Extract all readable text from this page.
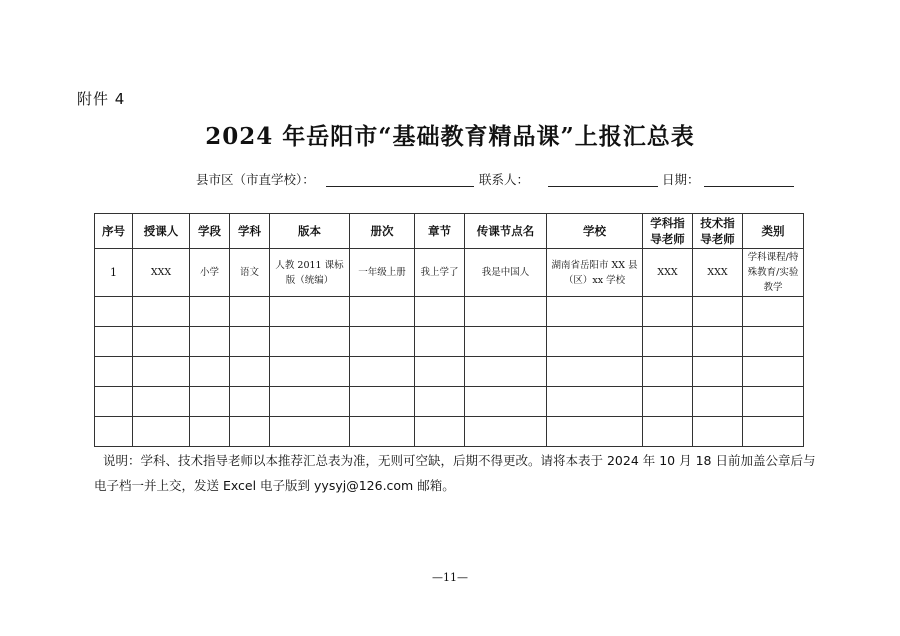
附件 4
2024 年岳阳市“基础教育精品课”上报汇总表
县市区（市直学校）：	联系人：	日期：
序号	授课人	学段	学科	版本	册次	章节	传课节点名	学校	学科指导老师	技术指导老师	类别
1	XXX	小学	语文	人教 2011 课标版（统编）	一年级上册	我上学了	我是中国人	湖南省岳阳市 XX 县（区）xx 学校	XXX	XXX	学科课程/特殊教育/实验教学

说明：学科、技术指导老师以本推荐汇总表为准，无则可空缺，后期不得更改。请将本表于 2024 年 10 月 18 日前加盖公章后与电子档一并上交，发送 Excel 电子版到 yysyj@126.com 邮箱。
—11—
